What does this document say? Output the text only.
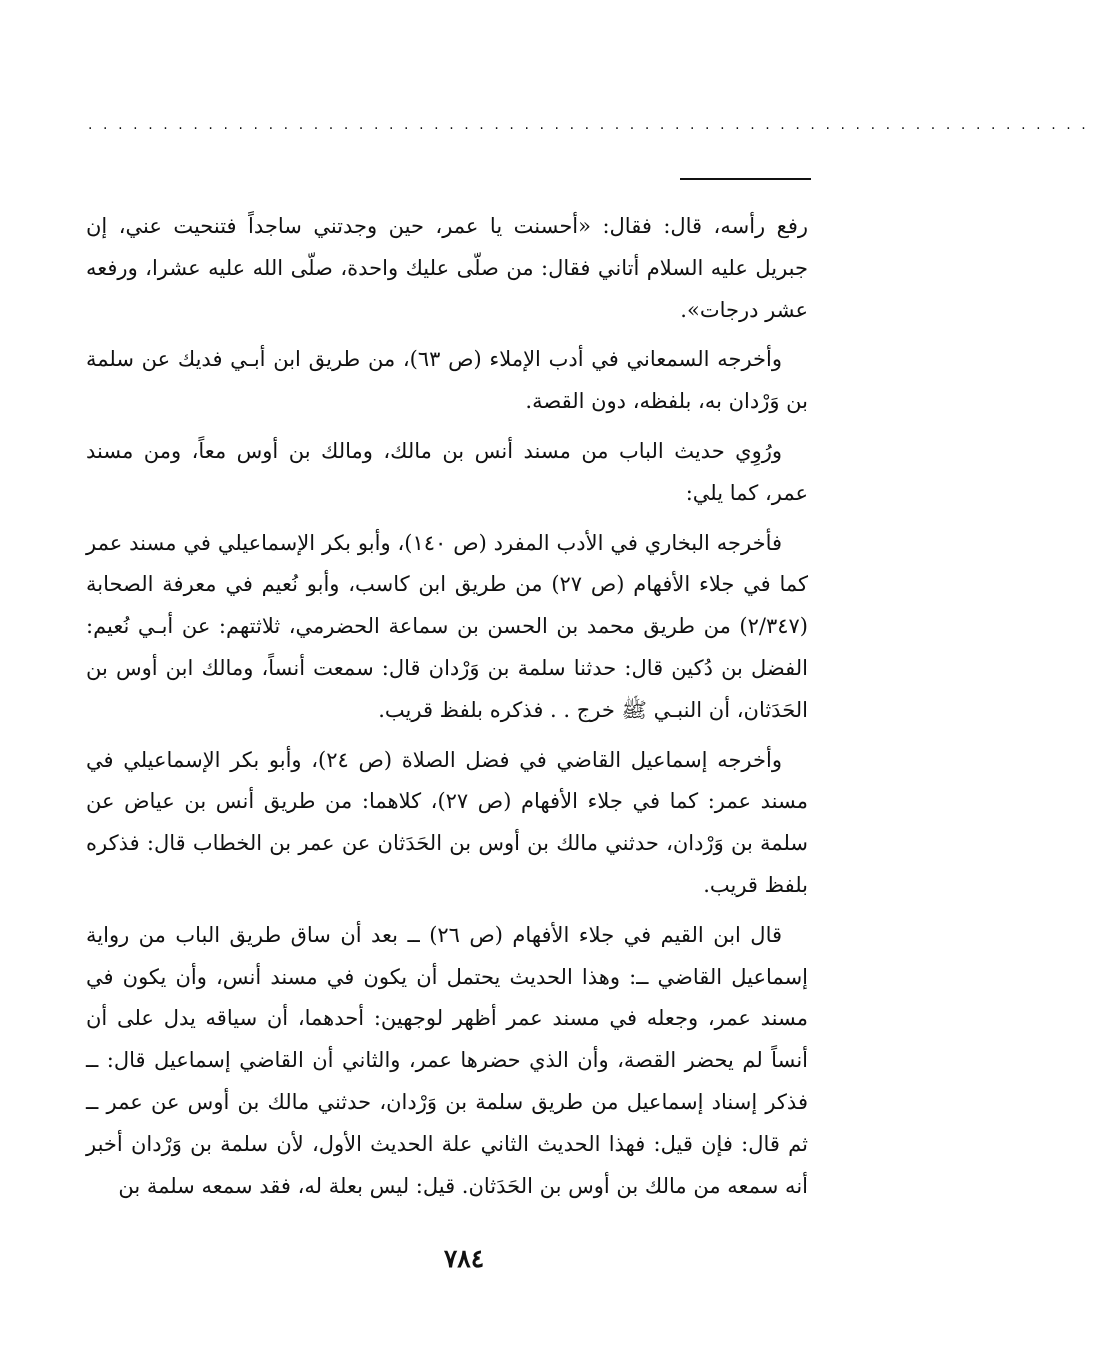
...................................................................

رفع رأسه، قال: فقال: «أحسنت يا عمر، حين وجدتني ساجداً فتنحيت عني، إن جبريل عليه السلام أتاني فقال: من صلّى عليك واحدة، صلّى الله عليه عشرا، ورفعه عشر درجات».

وأخرجه السمعاني في أدب الإملاء (ص ٦٣)، من طريق ابن أبـي فديك عن سلمة بن وَرْدان به، بلفظه، دون القصة.

ورُوِي حديث الباب من مسند أنس بن مالك، ومالك بن أوس معاً، ومن مسند عمر، كما يلي:

فأخرجه البخاري في الأدب المفرد (ص ١٤٠)، وأبو بكر الإسماعيلي في مسند عمر كما في جلاء الأفهام (ص ٢٧) من طريق ابن كاسب، وأبو نُعيم في معرفة الصحابة (٢/٣٤٧) من طريق محمد بن الحسن بن سماعة الحضرمي، ثلاثتهم: عن أبـي نُعيم: الفضل بن دُكين قال: حدثنا سلمة بن وَرْدان قال: سمعت أنساً، ومالك ابن أوس بن الحَدَثان، أن النبـي ﷺ خرج . . فذكره بلفظ قريب.

وأخرجه إسماعيل القاضي في فضل الصلاة (ص ٢٤)، وأبو بكر الإسماعيلي في مسند عمر: كما في جلاء الأفهام (ص ٢٧)، كلاهما: من طريق أنس بن عياض عن سلمة بن وَرْدان، حدثني مالك بن أوس بن الحَدَثان عن عمر بن الخطاب قال: فذكره بلفظ قريب.

قال ابن القيم في جلاء الأفهام (ص ٢٦) ــ بعد أن ساق طريق الباب من رواية إسماعيل القاضي ــ: وهذا الحديث يحتمل أن يكون في مسند أنس، وأن يكون في مسند عمر، وجعله في مسند عمر أظهر لوجهين: أحدهما، أن سياقه يدل على أن أنساً لم يحضر القصة، وأن الذي حضرها عمر، والثاني أن القاضي إسماعيل قال: ــ فذكر إسناد إسماعيل من طريق سلمة بن وَرْدان، حدثني مالك بن أوس عن عمر ــ ثم قال: فإن قيل: فهذا الحديث الثاني علة الحديث الأول، لأن سلمة بن وَرْدان أخبر أنه سمعه من مالك بن أوس بن الحَدَثان. قيل: ليس بعلة له، فقد سمعه سلمة بن

٧٨٤
